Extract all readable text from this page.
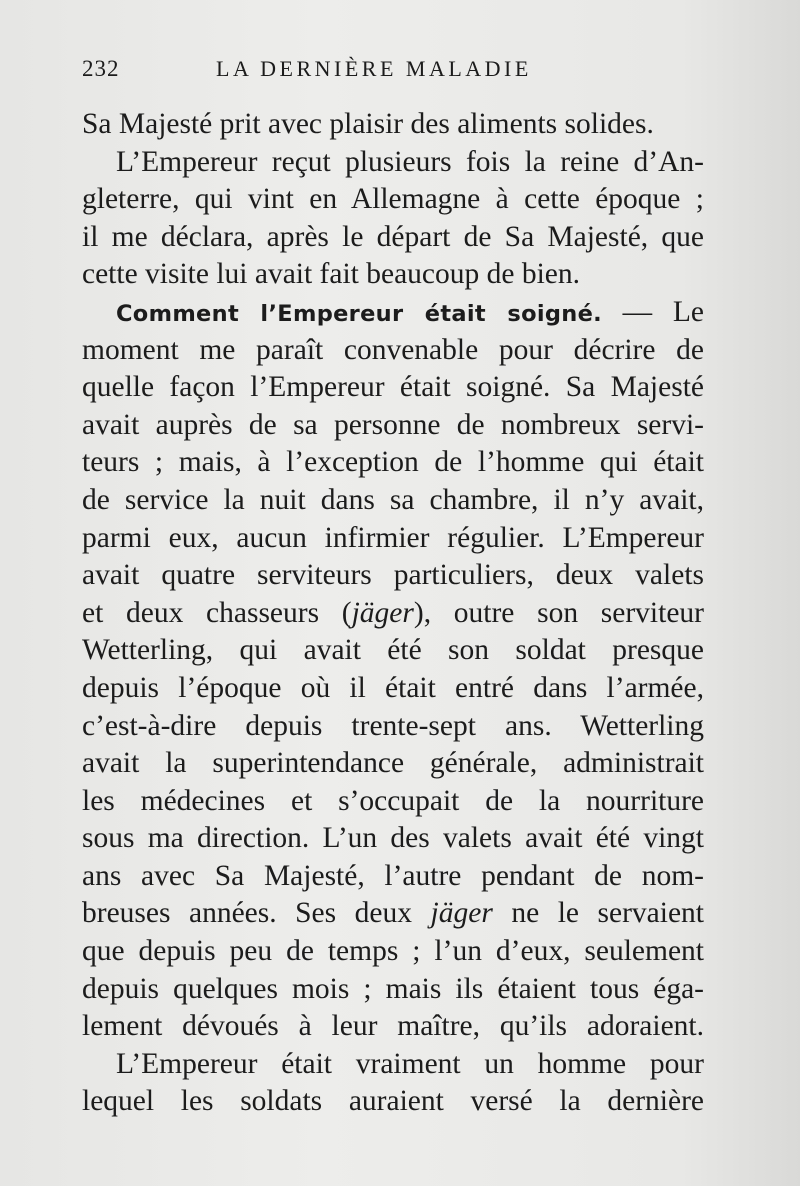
232	LA DERNIÈRE MALADIE
Sa Majesté prit avec plaisir des aliments solides.
L’Empereur reçut plusieurs fois la reine d’An-
gleterre, qui vint en Allemagne à cette époque ;
il me déclara, après le départ de Sa Majesté, que
cette visite lui avait fait beaucoup de bien.
Comment l’Empereur était soigné. — Le
moment me paraît convenable pour décrire de
quelle façon l’Empereur était soigné. Sa Majesté
avait auprès de sa personne de nombreux servi-
teurs ; mais, à l’exception de l’homme qui était
de service la nuit dans sa chambre, il n’y avait,
parmi eux, aucun infirmier régulier. L’Empereur
avait quatre serviteurs particuliers, deux valets
et deux chasseurs (jäger), outre son serviteur
Wetterling, qui avait été son soldat presque
depuis l’époque où il était entré dans l’armée,
c’est-à-dire depuis trente-sept ans. Wetterling
avait la superintendance générale, administrait
les médecines et s’occupait de la nourriture
sous ma direction. L’un des valets avait été vingt
ans avec Sa Majesté, l’autre pendant de nom-
breuses années. Ses deux jäger ne le servaient
que depuis peu de temps ; l’un d’eux, seulement
depuis quelques mois ; mais ils étaient tous éga-
lement dévoués à leur maître, qu’ils adoraient.
L’Empereur était vraiment un homme pour
lequel les soldats auraient versé la dernière
